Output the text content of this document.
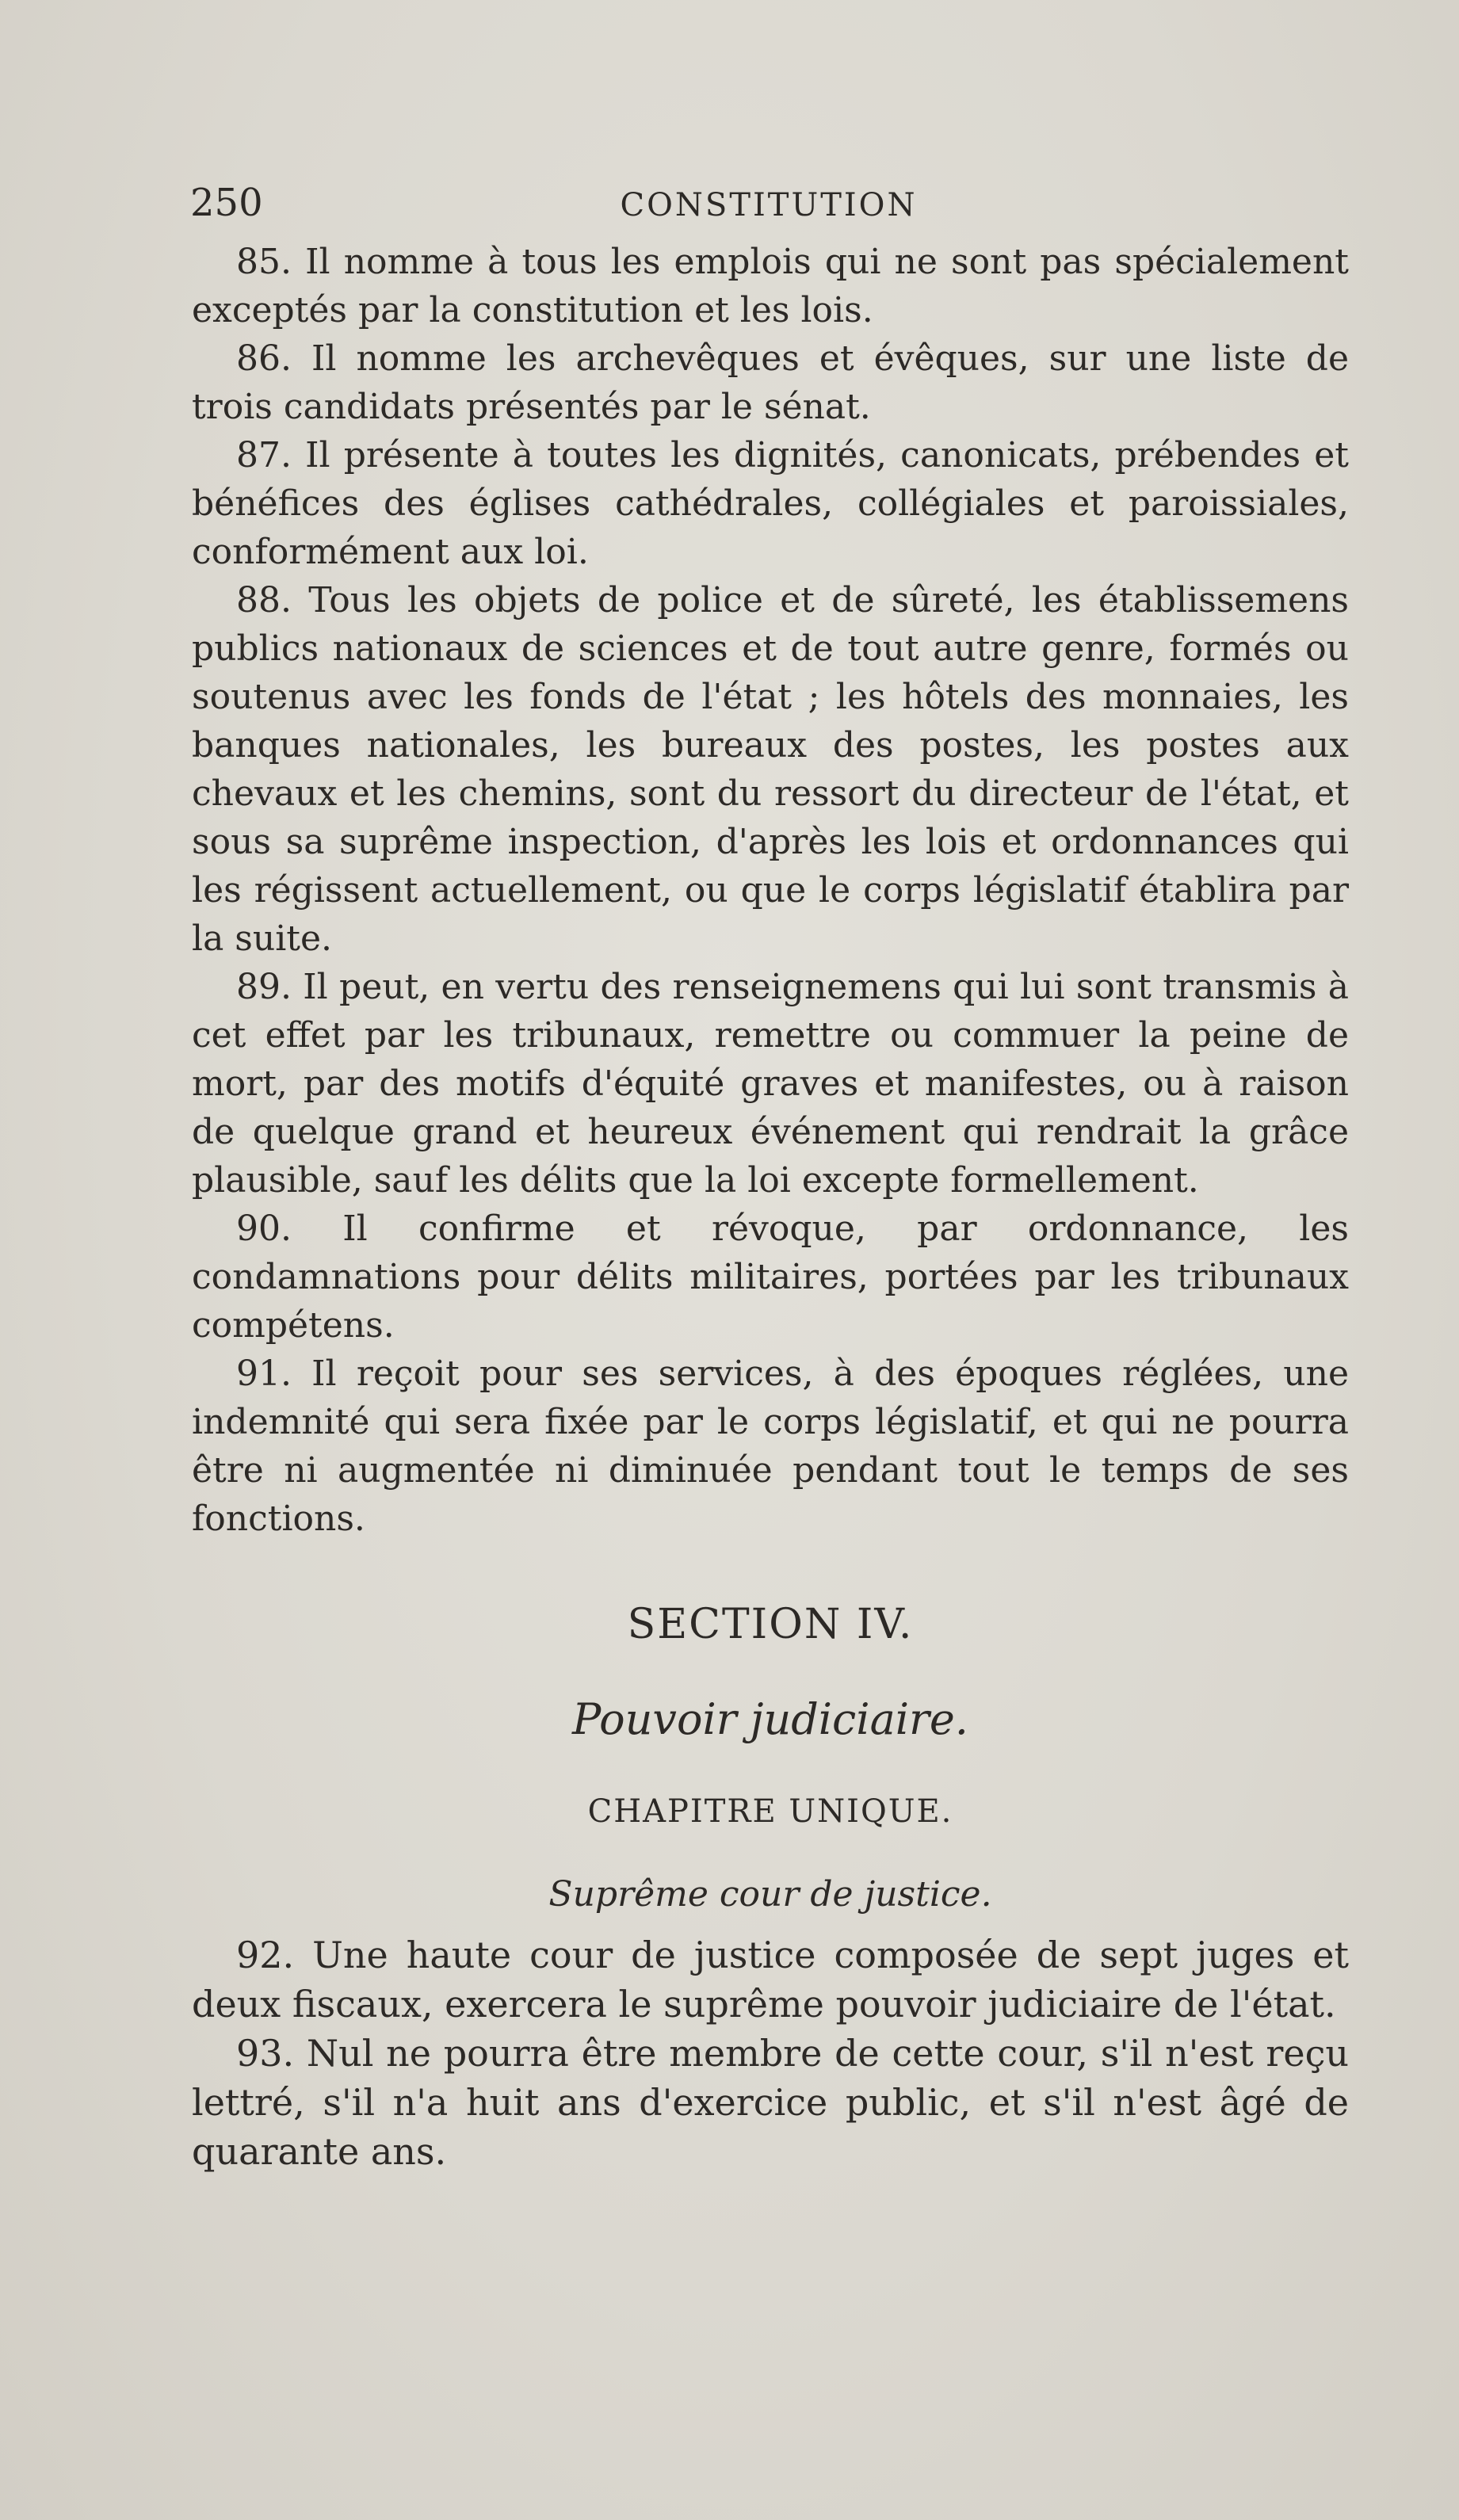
250	CONSTITUTION

85. Il nomme à tous les emplois qui ne sont pas spécialement exceptés par la constitution et les lois.

86. Il nomme les archevêques et évêques, sur une liste de trois candidats présentés par le sénat.

87. Il présente à toutes les dignités, canonicats, prébendes et bénéfices des églises cathédrales, collégiales et paroissiales, conformément aux loi.

88. Tous les objets de police et de sûreté, les établissemens publics nationaux de sciences et de tout autre genre, formés ou soutenus avec les fonds de l'état ; les hôtels des monnaies, les banques nationales, les bureaux des postes, les postes aux chevaux et les chemins, sont du ressort du directeur de l'état, et sous sa suprême inspection, d'après les lois et ordonnances qui les régissent actuellement, ou que le corps législatif établira par la suite.

89. Il peut, en vertu des renseignemens qui lui sont transmis à cet effet par les tribunaux, remettre ou commuer la peine de mort, par des motifs d'équité graves et manifestes, ou à raison de quelque grand et heureux événement qui rendrait la grâce plausible, sauf les délits que la loi excepte formellement.

90. Il confirme et révoque, par ordonnance, les condamnations pour délits militaires, portées par les tribunaux compétens.

91. Il reçoit pour ses services, à des époques réglées, une indemnité qui sera fixée par le corps législatif, et qui ne pourra être ni augmentée ni diminuée pendant tout le temps de ses fonctions.

SECTION IV.

Pouvoir judiciaire.

CHAPITRE UNIQUE.

Suprême cour de justice.

92. Une haute cour de justice composée de sept juges et deux fiscaux, exercera le suprême pouvoir judiciaire de l'état.

93. Nul ne pourra être membre de cette cour, s'il n'est reçu lettré, s'il n'a huit ans d'exercice public, et s'il n'est âgé de quarante ans.
